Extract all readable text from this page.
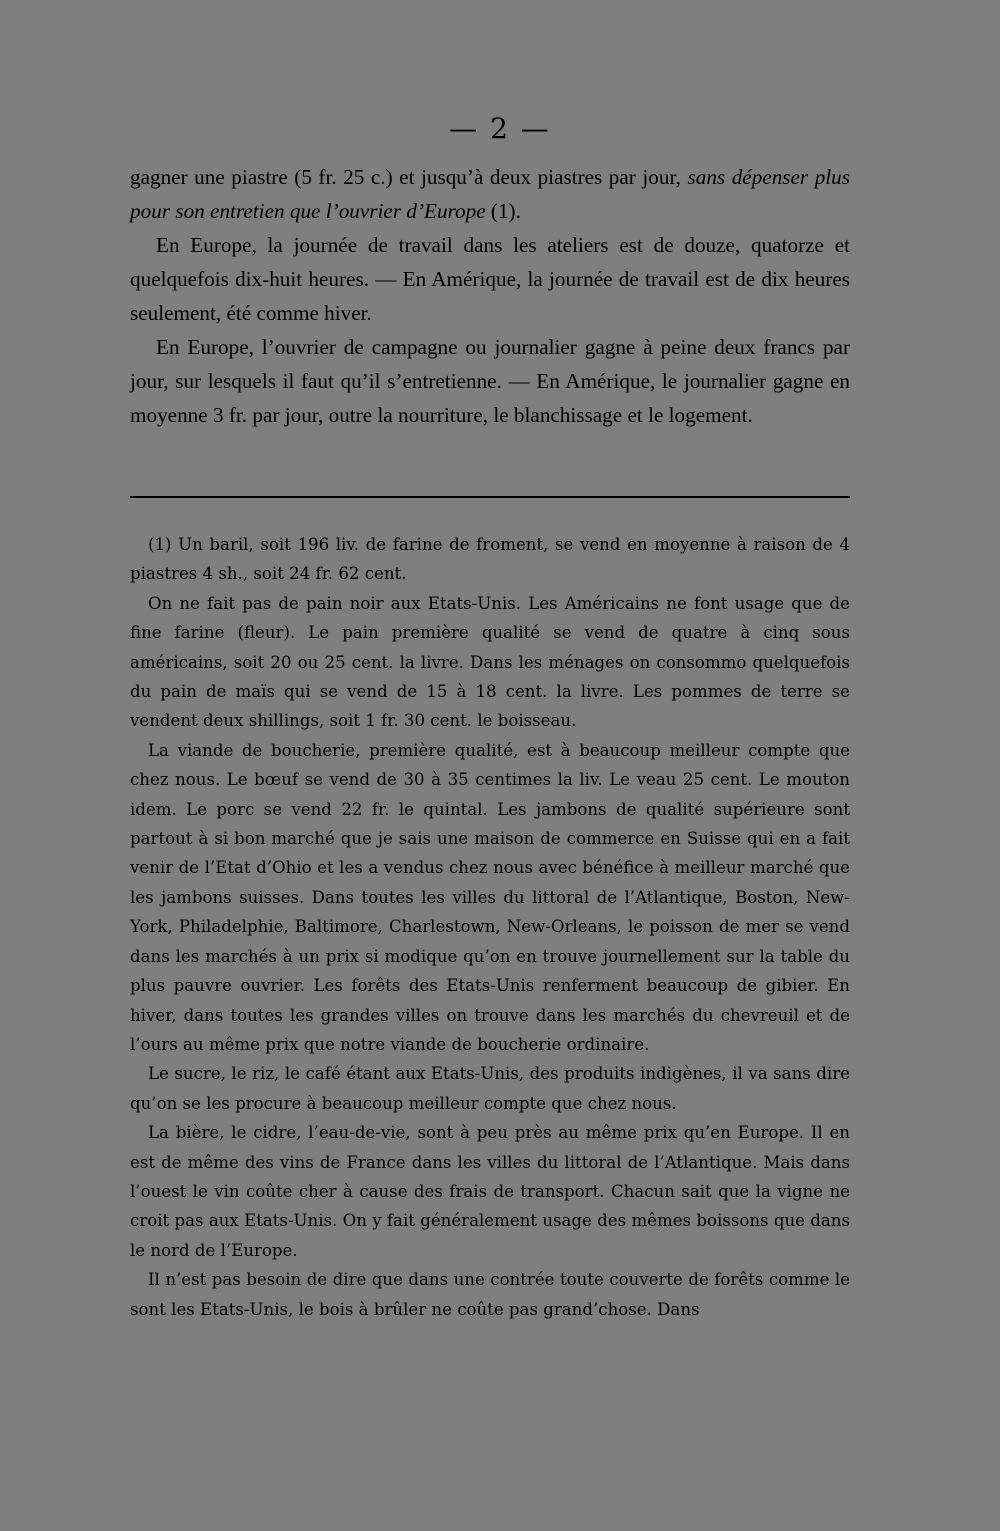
— 2 —

gagner une piastre (5 fr. 25 c.) et jusqu’à deux piastres par jour, sans dépenser plus pour son entretien que l’ouvrier d’Europe (1).

En Europe, la journée de travail dans les ateliers est de douze, quatorze et quelquefois dix-huit heures. — En Amérique, la journée de travail est de dix heures seulement, été comme hiver.

En Europe, l’ouvrier de campagne ou journalier gagne à peine deux francs par jour, sur lesquels il faut qu’il s’entretienne. — En Amérique, le journalier gagne en moyenne 3 fr. par jour, outre la nourriture, le blanchissage et le logement.

(1) Un baril, soit 196 liv. de farine de froment, se vend en moyenne à raison de 4 piastres 4 sh., soit 24 fr. 62 cent.

On ne fait pas de pain noir aux Etats-Unis. Les Américains ne font usage que de fine farine (fleur). Le pain première qualité se vend de quatre à cinq sous américains, soit 20 ou 25 cent. la livre. Dans les ménages on consommo quelquefois du pain de maïs qui se vend de 15 à 18 cent. la livre. Les pommes de terre se vendent deux shillings, soit 1 fr. 30 cent. le boisseau.

La viande de boucherie, première qualité, est à beaucoup meilleur compte que chez nous. Le bœuf se vend de 30 à 35 centimes la liv. Le veau 25 cent. Le mouton idem. Le porc se vend 22 fr. le quintal. Les jambons de qualité supérieure sont partout à si bon marché que je sais une maison de commerce en Suisse qui en a fait venir de l’Etat d’Ohio et les a vendus chez nous avec bénéfice à meilleur marché que les jambons suisses. Dans toutes les villes du littoral de l’Atlantique, Boston, New-York, Philadelphie, Baltimore, Charlestown, New-Orleans, le poisson de mer se vend dans les marchés à un prix si modique qu’on en trouve journellement sur la table du plus pauvre ouvrier. Les forêts des Etats-Unis renferment beaucoup de gibier. En hiver, dans toutes les grandes villes on trouve dans les marchés du chevreuil et de l’ours au même prix que notre viande de boucherie ordinaire.

Le sucre, le riz, le café étant aux Etats-Unis, des produits indigènes, il va sans dire qu’on se les procure à beaucoup meilleur compte que chez nous.

La bière, le cidre, l’eau-de-vie, sont à peu près au même prix qu’en Europe. Il en est de même des vins de France dans les villes du littoral de l’Atlantique. Mais dans l’ouest le vin coûte cher à cause des frais de transport. Chacun sait que la vigne ne croit pas aux Etats-Unis. On y fait généralement usage des mêmes boissons que dans le nord de l’Europe.

Il n’est pas besoin de dire que dans une contrée toute couverte de forêts comme le sont les Etats-Unis, le bois à brûler ne coûte pas grand’chose. Dans
